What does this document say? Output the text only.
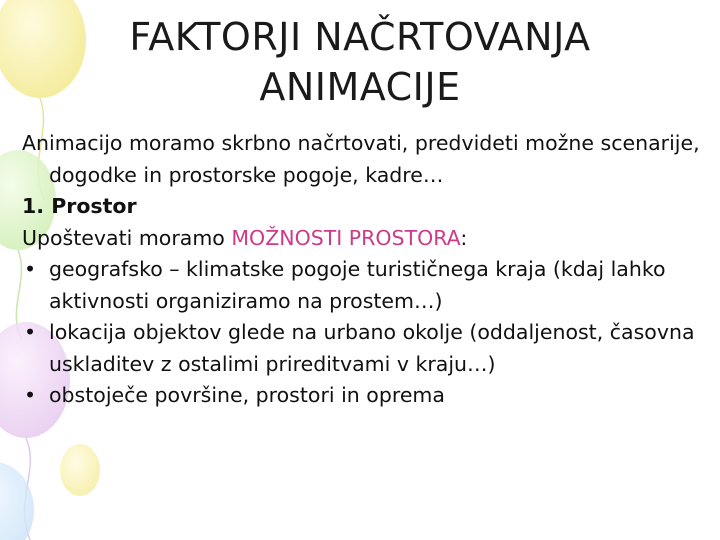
FAKTORJI NAČRTOVANJA
ANIMACIJE
Animacijo moramo skrbno načrtovati, predvideti možne scenarije, dogodke in prostorske pogoje, kadre…
1. Prostor
Upoštevati moramo MOŽNOSTI PROSTORA:
• geografsko – klimatske pogoje turističnega kraja (kdaj lahko aktivnosti organiziramo na prostem…)
• lokacija objektov glede na urbano okolje (oddaljenost, časovna uskladitev z ostalimi prireditvami v kraju…)
• obstoječe površine, prostori in oprema
